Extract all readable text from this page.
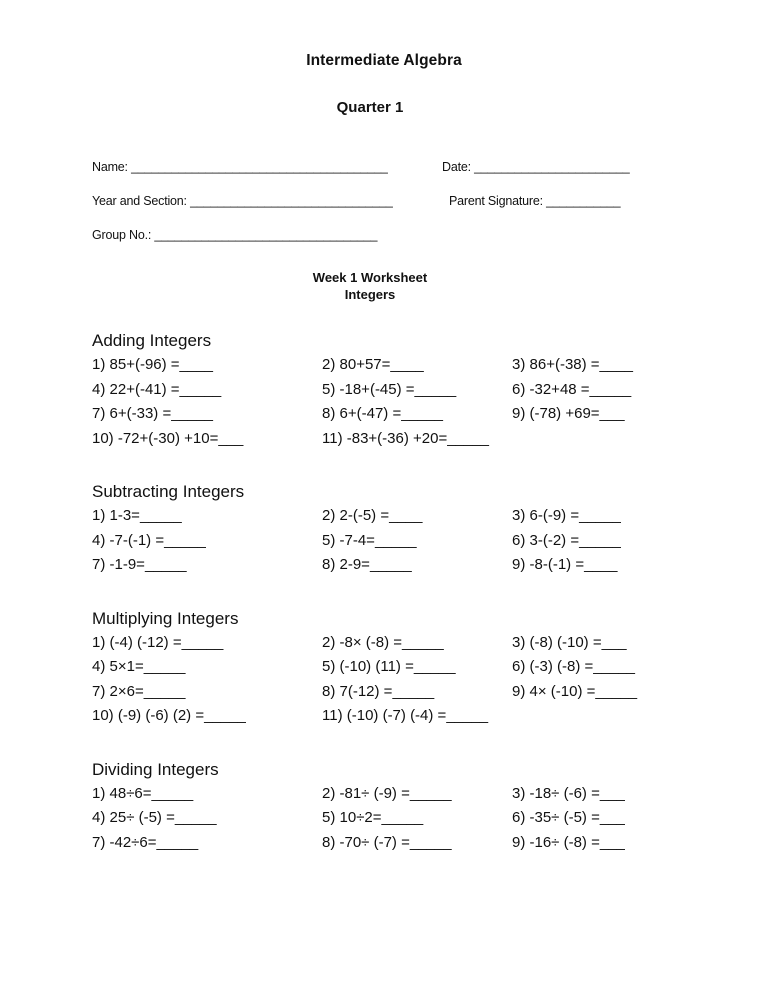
Intermediate Algebra
Quarter 1
Name: ______________________________________	Date: _______________________
Year and Section: ______________________________	Parent Signature: ___________
Group No.: _________________________________
Week 1 Worksheet
Integers
Adding Integers
1) 85+(-96) =____	2) 80+57=____	3) 86+(-38) =____
4) 22+(-41) =_____	5) -18+(-45) =_____	6) -32+48 =_____
7) 6+(-33) =_____	8) 6+(-47) =_____	9) (-78) +69=___
10) -72+(-30) +10=___	11) -83+(-36) +20=_____
Subtracting Integers
1) 1-3=_____	2) 2-(-5) =____	3) 6-(-9) =_____
4) -7-(-1) =_____	5) -7-4=_____	6) 3-(-2) =_____
7) -1-9=_____	8) 2-9=_____	9) -8-(-1) =____
Multiplying Integers
1) (-4) (-12) =_____	2) -8× (-8) =_____	3) (-8) (-10) =___
4) 5×1=_____	5) (-10) (11) =_____	6) (-3) (-8) =_____
7) 2×6=_____	8) 7(-12) =_____	9) 4× (-10) =_____
10) (-9) (-6) (2) =_____	11) (-10) (-7) (-4) =_____
Dividing Integers
1) 48÷6=_____	2) -81÷ (-9) =_____	3) -18÷ (-6) =___
4) 25÷ (-5) =_____	5) 10÷2=_____	6) -35÷ (-5) =___
7) -42÷6=_____	8) -70÷ (-7) =_____	9) -16÷ (-8) =___
